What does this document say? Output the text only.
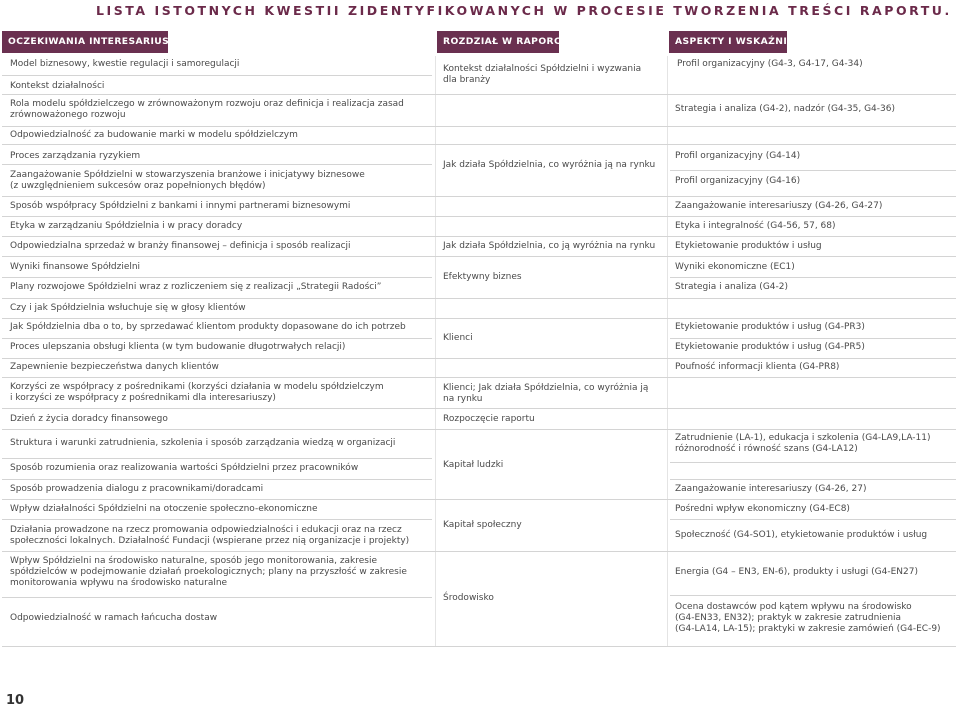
LISTA ISTOTNYCH KWESTII ZIDENTYFIKOWANYCH W PROCESIE TWORZENIA TREŚCI RAPORTU.
OCZEKIWANIA INTERESARIUSZY	ROZDZIAŁ W RAPORCIE	ASPEKTY I WSKAŹNIKI
Model biznesowy, kwestie regulacji i samoregulacji
Kontekst działalności
Rola modelu spółdzielczego w zrównoważonym rozwoju oraz definicja i realizacja zasad
zrównoważonego rozwoju
Odpowiedzialność za budowanie marki w modelu spółdzielczym
Proces zarządzania ryzykiem
Zaangażowanie Spółdzielni w stowarzyszenia branżowe i inicjatywy biznesowe
(z uwzględnieniem sukcesów oraz popełnionych błędów)
Sposób współpracy Spółdzielni z bankami i innymi partnerami biznesowymi
Etyka w zarządzaniu Spółdzielnia i w pracy doradcy
Odpowiedzialna sprzedaż w branży finansowej – definicja i sposób realizacji
Wyniki finansowe Spółdzielni
Plany rozwojowe Spółdzielni wraz z rozliczeniem się z realizacji „Strategii Radości”
Czy i jak Spółdzielnia wsłuchuje się w głosy klientów
Jak Spółdzielnia dba o to, by sprzedawać klientom produkty dopasowane do ich potrzeb
Proces ulepszania obsługi klienta (w tym budowanie długotrwałych relacji)
Zapewnienie bezpieczeństwa danych klientów
Korzyści ze współpracy z pośrednikami (korzyści działania w modelu spółdzielczym
i korzyści ze współpracy z pośrednikami dla interesariuszy)
Dzień z życia doradcy finansowego
Struktura i warunki zatrudnienia, szkolenia i sposób zarządzania wiedzą w organizacji
Sposób rozumienia oraz realizowania wartości Spółdzielni przez pracowników
Sposób prowadzenia dialogu z pracownikami/doradcami
Wpływ działalności Spółdzielni na otoczenie społeczno-ekonomiczne
Działania prowadzone na rzecz promowania odpowiedzialności i edukacji oraz na rzecz
społeczności lokalnych. Działalność Fundacji (wspierane przez nią organizacje i projekty)
Wpływ Spółdzielni na środowisko naturalne, sposób jego monitorowania, zakresie
spółdzielców w podejmowanie działań proekologicznych; plany na przyszłość w zakresie
monitorowania wpływu na środowisko naturalne
Odpowiedzialność w ramach łańcucha dostaw
Kontekst działalności Spółdzielni i wyzwania
dla branży
Jak działa Spółdzielnia, co wyróżnia ją na rynku
Jak działa Spółdzielnia, co ją wyróżnia na rynku
Efektywny biznes
Klienci
Klienci; Jak działa Spółdzielnia, co wyróżnia ją
na rynku
Rozpoczęcie raportu
Kapitał ludzki
Kapitał społeczny
Środowisko
Profil organizacyjny (G4-3, G4-17, G4-34)
Strategia i analiza (G4-2), nadzór (G4-35, G4-36)
Profil organizacyjny (G4-14)
Profil organizacyjny (G4-16)
Zaangażowanie interesariuszy (G4-26, G4-27)
Etyka i integralność (G4-56, 57, 68)
Etykietowanie produktów i usług
Wyniki ekonomiczne (EC1)
Strategia i analiza (G4-2)
Etykietowanie produktów i usług (G4-PR3)
Etykietowanie produktów i usług (G4-PR5)
Poufność informacji klienta (G4-PR8)
Zatrudnienie (LA-1), edukacja i szkolenia (G4-LA9,LA-11)
różnorodność i równość szans (G4-LA12)
Zaangażowanie interesariuszy (G4-26, 27)
Pośredni wpływ ekonomiczny (G4-EC8)
Społeczność (G4-SO1), etykietowanie produktów i usług
Energia (G4 – EN3, EN-6), produkty i usługi (G4-EN27)
Ocena dostawców pod kątem wpływu na środowisko
(G4-EN33, EN32); praktyk w zakresie zatrudnienia
(G4-LA14, LA-15); praktyki w zakresie zamówień (G4-EC-9)
10
